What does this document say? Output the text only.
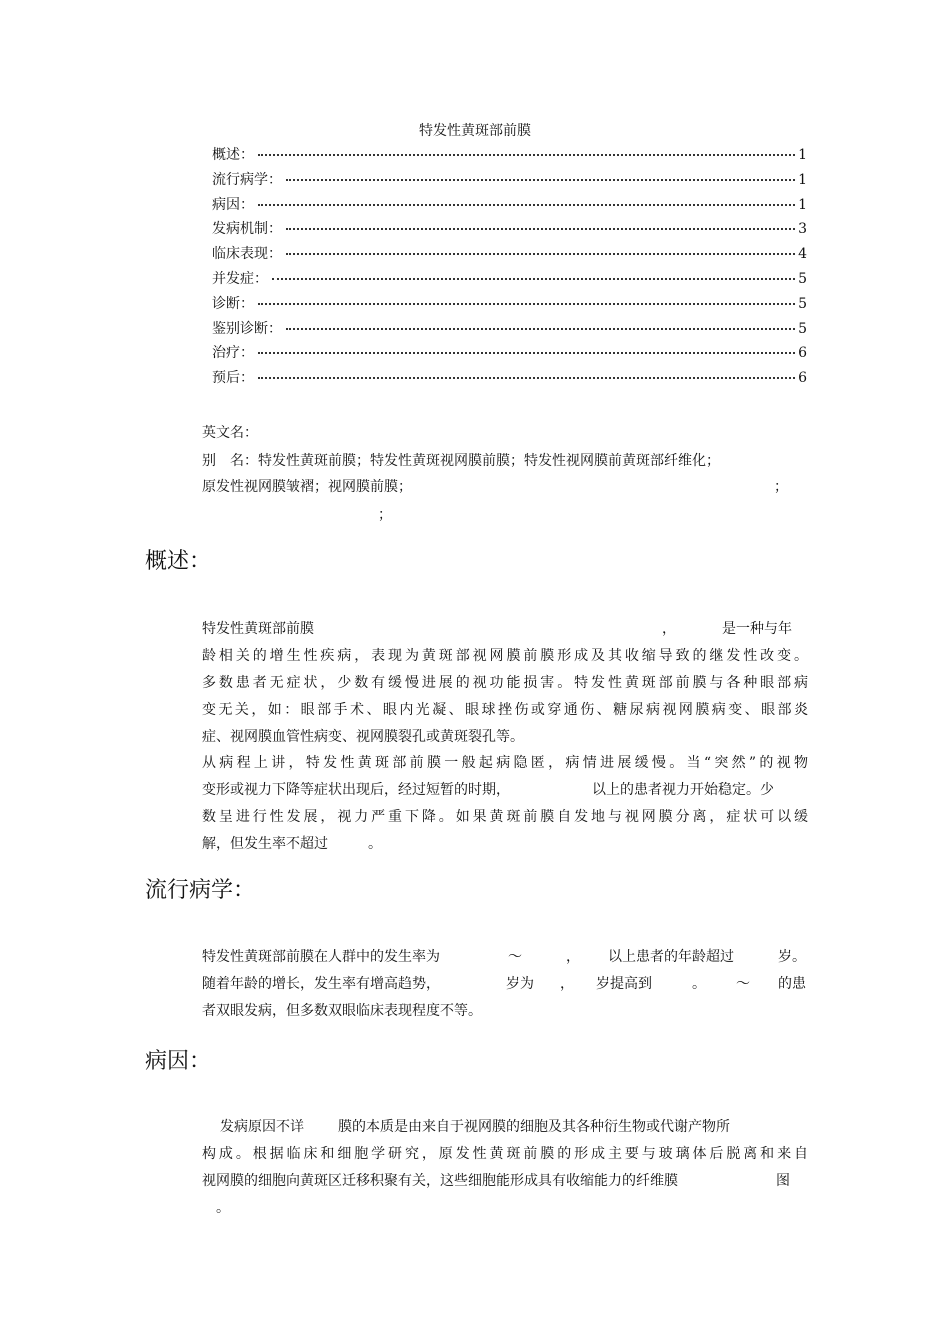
特发性黄斑部前膜
概述：	1
流行病学：	1
病因：	1
发病机制：	3
临床表现：	4
并发症：	5
诊断：	5
鉴别诊断：	5
治疗：	6
预后：	6
英文名：
别　名：特发性黄斑前膜；特发性黄斑视网膜前膜；特发性视网膜前黄斑部纤维化；
原发性视网膜皱褶；视网膜前膜；	；
；
概述：
特发性黄斑部前膜	，	是一种与年
龄相关的增生性疾病，表现为黄斑部视网膜前膜形成及其收缩导致的继发性改变。
多数患者无症状，少数有缓慢进展的视功能损害。特发性黄斑部前膜与各种眼部病
变无关，如：眼部手术、眼内光凝、眼球挫伤或穿通伤、糖尿病视网膜病变、眼部炎
症、视网膜血管性病变、视网膜裂孔或黄斑裂孔等。
从病程上讲，特发性黄斑部前膜一般起病隐匿，病情进展缓慢。当“突然”的视物
变形或视力下降等症状出现后，经过短暂的时期，	以上的患者视力开始稳定。少
数呈进行性发展，视力严重下降。如果黄斑前膜自发地与视网膜分离，症状可以缓
解，但发生率不超过	。
流行病学：
特发性黄斑部前膜在人群中的发生率为	～	， 以上患者的年龄超过	岁。
随着年龄的增长，发生率有增高趋势，	岁为 ， 岁提高到	。 ～ 的患
者双眼发病，但多数双眼临床表现程度不等。
病因：
发病原因不详 膜的本质是由来自于视网膜的细胞及其各种衍生物或代谢产物所
构成。根据临床和细胞学研究，原发性黄斑前膜的形成主要与玻璃体后脱离和来自
视网膜的细胞向黄斑区迁移积聚有关，这些细胞能形成具有收缩能力的纤维膜	图
。
